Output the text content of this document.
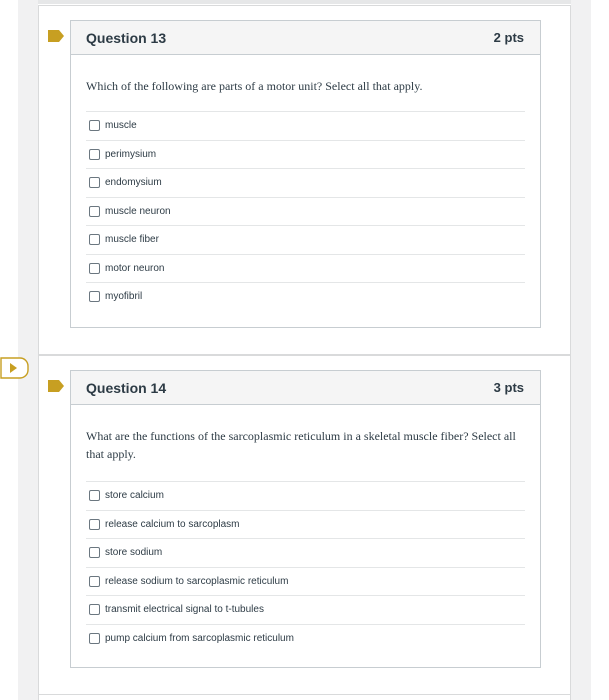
Question 13	2 pts
Which of the following are parts of a motor unit? Select all that apply.
muscle
perimysium
endomysium
muscle neuron
muscle fiber
motor neuron
myofibril
Question 14	3 pts
What are the functions of the sarcoplasmic reticulum in a skeletal muscle fiber? Select all that apply.
store calcium
release calcium to sarcoplasm
store sodium
release sodium to sarcoplasmic reticulum
transmit electrical signal to t-tubules
pump calcium from sarcoplasmic reticulum
